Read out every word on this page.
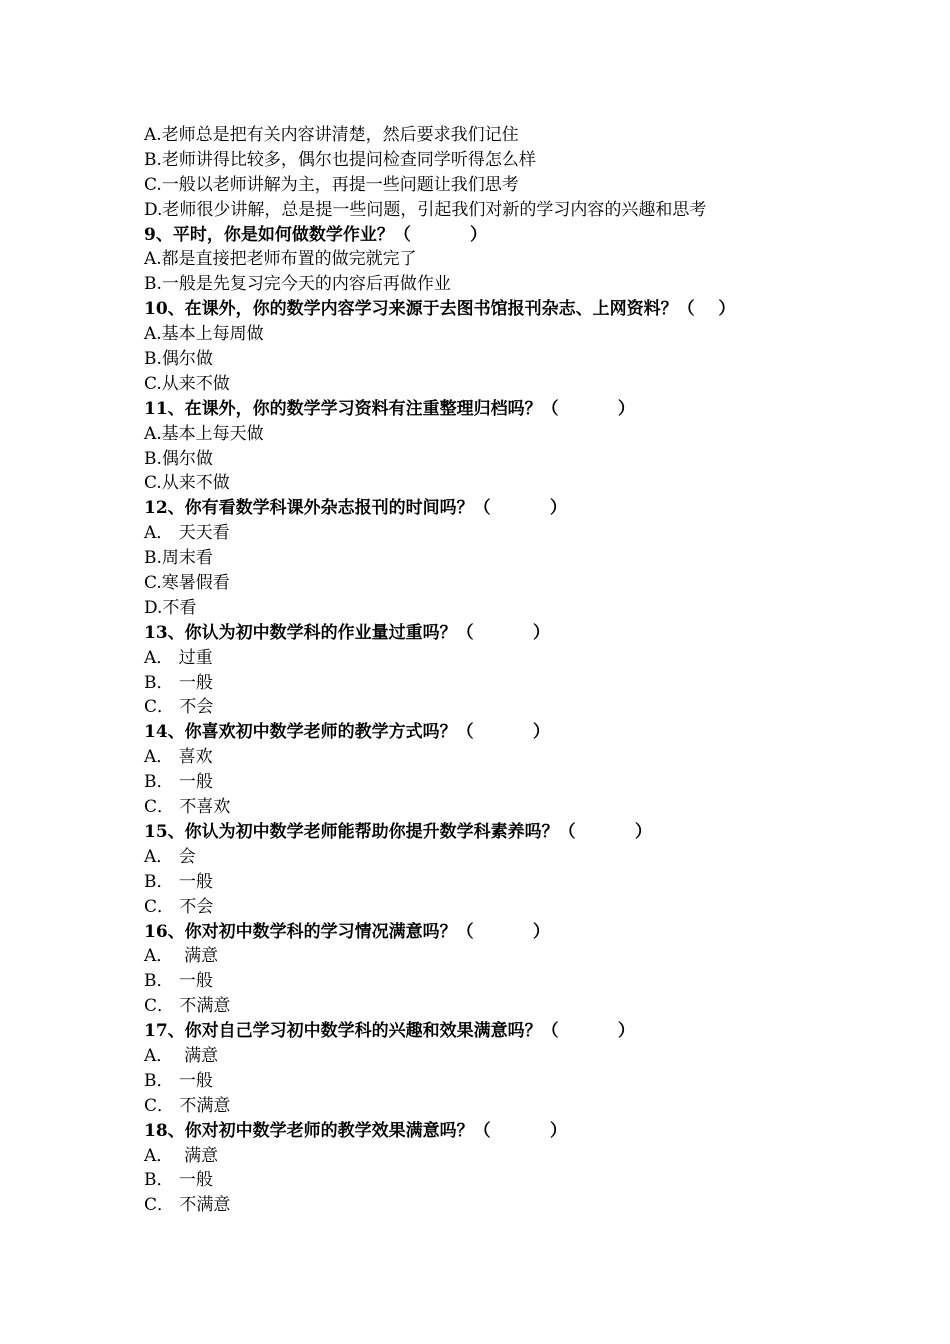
A.老师总是把有关内容讲清楚，然后要求我们记住
B.老师讲得比较多，偶尔也提问检查同学听得怎么样
C.一般以老师讲解为主，再提一些问题让我们思考
D.老师很少讲解，总是提一些问题，引起我们对新的学习内容的兴趣和思考
9、平时，你是如何做数学作业？（          ）
A.都是直接把老师布置的做完就完了
B.一般是先复习完今天的内容后再做作业
10、在课外，你的数学内容学习来源于去图书馆报刊杂志、上网资料？（    ）
A.基本上每周做
B.偶尔做
C.从来不做
11、在课外，你的数学学习资料有注重整理归档吗？（          ）
A.基本上每天做
B.偶尔做
C.从来不做
12、你有看数学科课外杂志报刊的时间吗？（          ）
A． 天天看
B.周末看
C.寒暑假看
D.不看
13、你认为初中数学科的作业量过重吗？（          ）
A． 过重
B． 一般
C． 不会
14、你喜欢初中数学老师的教学方式吗？（          ）
A． 喜欢
B． 一般
C． 不喜欢
15、你认为初中数学老师能帮助你提升数学科素养吗？（          ）
A． 会
B． 一般
C． 不会
16、你对初中数学科的学习情况满意吗？（          ）
A．  满意
B． 一般
C． 不满意
17、你对自己学习初中数学科的兴趣和效果满意吗？（          ）
A．  满意
B． 一般
C． 不满意
18、你对初中数学老师的教学效果满意吗？（          ）
A．  满意
B． 一般
C． 不满意
